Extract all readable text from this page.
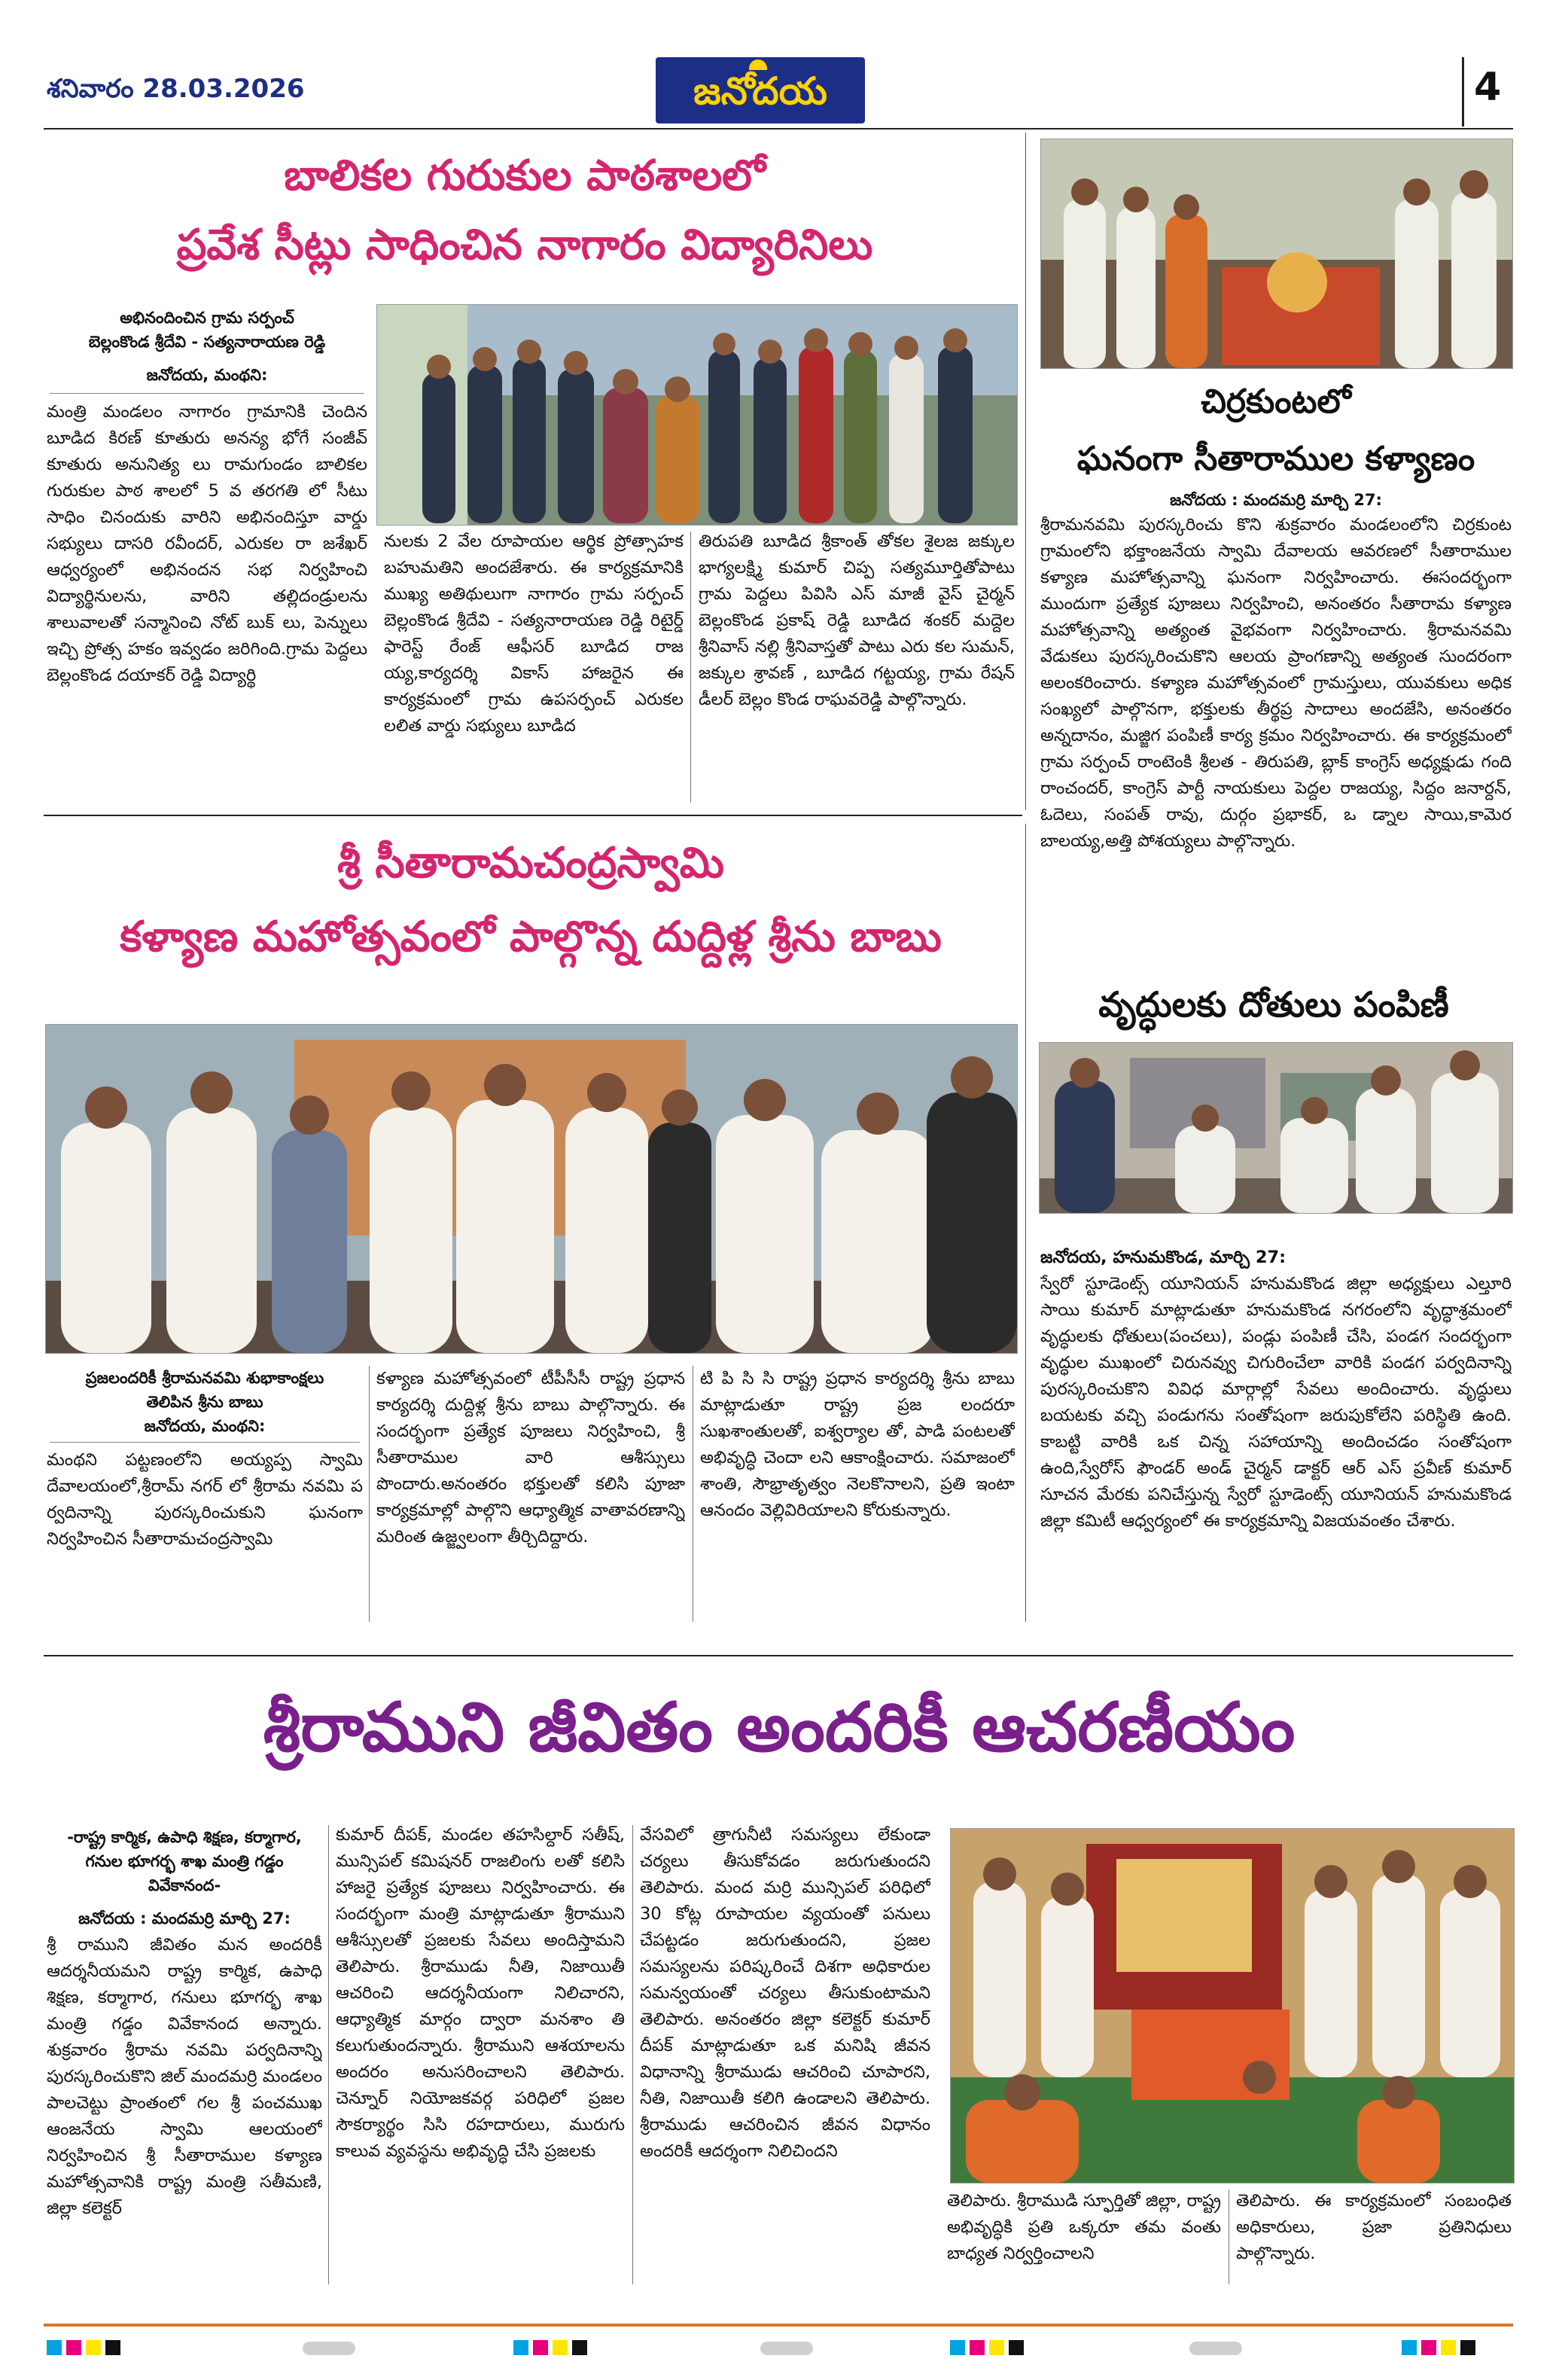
శనివారం 28.03.2026	జనోదయ	4
బాలికల గురుకుల పాఠశాలలో
ప్రవేశ సీట్లు సాధించిన నాగారం విద్యారినిలు
అభినందించిన గ్రామ సర్పంచ్
బెల్లంకొండ శ్రీదేవి - సత్యనారాయణ రెడ్డి
జనోదయ, మంథని:
మంత్రి మండలం నాగారం గ్రామానికి చెందిన బూడిద కిరణ్ కూతురు అనన్య భోగే సంజీవ్ కూతురు అనునిత్య లు రామగుండం బాలికల గురుకుల పాఠ శాలలో 5 వ తరగతి లో సీటు సాధిం చినందుకు వారిని అభినందిస్తూ వార్డు సభ్యులు దాసరి రవీందర్, ఎరుకల రా జశేఖర్ ఆధ్వర్యంలో అభినందన సభ నిర్వహించి విద్యార్థినులను, వారిని తల్లిదండ్రులను శాలువాలతో సన్మానించి నోట్ బుక్ లు, పెన్నులు ఇచ్చి ప్రోత్స హకం ఇవ్వడం జరిగింది.గ్రామ పెద్దలు బెల్లంకొండ దయాకర్ రెడ్డి విద్యార్థి
నులకు 2 వేల రూపాయల ఆర్థిక ప్రోత్సాహక బహుమతిని అందజేశారు. ఈ కార్యక్రమానికి ముఖ్య అతిథులుగా నాగారం గ్రామ సర్పంచ్ బెల్లంకొండ శ్రీదేవి - సత్యనారాయణ రెడ్డి రిటైర్డ్ ఫారెస్ట్ రేంజ్ ఆఫీసర్ బూడిద రాజ య్య,కార్యదర్శి వికాస్ హాజరైన ఈ కార్యక్రమంలో గ్రామ ఉపసర్పంచ్ ఎరుకల లలిత వార్డు సభ్యులు బూడిద
తిరుపతి బూడిద శ్రీకాంత్ తోకల శైలజ జక్కుల భాగ్యలక్ష్మి కుమార్ చిప్ప సత్యమూర్తితోపాటు గ్రామ పెద్దలు పివిసి ఎస్ మాజీ వైస్ చైర్మన్ బెల్లంకొండ ప్రకాష్ రెడ్డి బూడిద శంకర్ మద్దెల శ్రీనివాస్ నల్లి శ్రీనివాస్తతో పాటు ఎరు కల సుమన్, జక్కుల శ్రావణ్ , బూడిద గట్టయ్య, గ్రామ రేషన్ డీలర్ బెల్లం కొండ రాఘవరెడ్డి పాల్గొన్నారు.
చిర్రకుంటలో
ఘనంగా సీతారాముల కళ్యాణం
జనోదయ : మందమర్రి మార్చి 27:
శ్రీరామనవమి పురస్కరించు కొని శుక్రవారం మండలంలోని చిర్రకుంట గ్రామంలోని భక్తాంజనేయ స్వామి దేవాలయ ఆవరణలో సీతారాముల కళ్యాణ మహోత్సవాన్ని ఘనంగా నిర్వహించారు. ఈసందర్భంగా ముందుగా ప్రత్యేక పూజలు నిర్వహించి, అనంతరం సీతారామ కళ్యాణ మహోత్సవాన్ని అత్యంత వైభవంగా నిర్వహించారు. శ్రీరామనవమి వేడుకలు పురస్కరించుకొని ఆలయ ప్రాంగణాన్ని అత్యంత సుందరంగా అలంకరించారు. కళ్యాణ మహోత్సవంలో గ్రామస్తులు, యువకులు అధిక సంఖ్యలో పాల్గొనగా, భక్తులకు తీర్థప్ర సాదాలు అందజేసి, అనంతరం అన్నదానం, మజ్జిగ పంపిణీ కార్య క్రమం నిర్వహించారు. ఈ కార్యక్రమంలో గ్రామ సర్పంచ్ రాంటెంకి శ్రీలత - తిరుపతి, బ్లాక్ కాంగ్రెస్ అధ్యక్షుడు గంది రాంచందర్, కాంగ్రెస్ పార్టీ నాయకులు పెద్దల రాజయ్య, సిద్దం జనార్దన్, ఓదెలు, సంపత్ రావు, దుర్గం ప్రభాకర్, ఒ డ్నాల సాయి,కామెర బాలయ్య,అత్తి పోశయ్యలు పాల్గొన్నారు.
శ్రీ సీతారామచంద్రస్వామి
కళ్యాణ మహోత్సవంలో పాల్గొన్న దుద్దిళ్ల శ్రీను బాబు
ప్రజలందరికీ శ్రీరామనవమి శుభాకాంక్షలు
తెలిపిన శ్రీను బాబు
జనోదయ, మంథని:
మంథని పట్టణంలోని అయ్యప్ప స్వామి దేవాలయంలో,శ్రీరామ్ నగర్ లో శ్రీరామ నవమి ప ర్వదినాన్ని పురస్కరించుకుని ఘనంగా నిర్వహించిన సీతారామచంద్రస్వామి
కళ్యాణ మహోత్సవంలో టీపీసీసీ రాష్ట్ర ప్రధాన కార్యదర్శి దుద్దిళ్ల శ్రీను బాబు పాల్గొన్నారు. ఈ సందర్భంగా ప్రత్యేక పూజలు నిర్వహించి, శ్రీ సీతారాముల వారి ఆశీస్సులు పొందారు.అనంతరం భక్తులతో కలిసి పూజా కార్యక్రమాల్లో పాల్గొని ఆధ్యాత్మిక వాతావరణాన్ని మరింత ఉజ్జ్వలంగా తీర్చిదిద్దారు.
టి పి సి సి రాష్ట్ర ప్రధాన కార్యదర్శి శ్రీను బాబు మాట్లాడుతూ రాష్ట్ర ప్రజ లందరూ సుఖశాంతులతో, ఐశ్వర్యాల తో, పాడి పంటలతో అభివృద్ధి చెందా లని ఆకాంక్షించారు. సమాజంలో శాంతి, సౌభ్రాతృత్వం నెలకొనాలని, ప్రతి ఇంటా ఆనందం వెల్లివిరియాలని కోరుకున్నారు.
వృద్ధులకు దోతులు పంపిణీ

జనోదయ, హనుమకొండ, మార్చి 27:
స్వేరో స్టూడెంట్స్ యూనియన్ హనుమకొండ జిల్లా అధ్యక్షులు ఎల్తూరి సాయి కుమార్ మాట్లాడుతూ హనుమకొండ నగరంలోని వృద్ధాశ్రమంలో వృద్ధులకు ధోతులు(పంచలు), పండ్లు పంపిణీ చేసి, పండగ సందర్భంగా వృద్ధుల ముఖంలో చిరునవ్వు చిగురించేలా వారికి పండగ పర్వదినాన్ని పురస్కరించుకొని వివిధ మార్గాల్లో సేవలు అందించారు. వృద్ధులు బయటకు వచ్చి పండుగను సంతోషంగా జరుపుకోలేని పరిస్థితి ఉంది. కాబట్టి వారికి ఒక చిన్న సహాయాన్ని అందించడం సంతోషంగా ఉంది,స్వేరోస్ ఫౌండర్ అండ్ చైర్మన్ డాక్టర్ ఆర్ ఎస్ ప్రవీణ్ కుమార్ సూచన మేరకు పనిచేస్తున్న స్వేరో స్టూడెంట్స్ యూనియన్ హనుమకొండ జిల్లా కమిటీ ఆధ్వర్యంలో ఈ కార్యక్రమాన్ని విజయవంతం చేశారు.

శ్రీరాముని జీవితం అందరికీ ఆచరణీయం
-రాష్ట్ర కార్మిక, ఉపాధి శిక్షణ, కర్మాగార, గనుల భూగర్భ శాఖ మంత్రి గడ్డం వివేకానంద-
జనోదయ : మందమర్రి మార్చి 27:
శ్రీ రాముని జీవితం మన అందరికీ ఆదర్శనీయమని రాష్ట్ర కార్మిక, ఉపాధి శిక్షణ, కర్మాగార, గనులు భూగర్భ శాఖ మంత్రి గడ్డం వివేకానంద అన్నారు. శుక్రవారం శ్రీరామ నవమి పర్వదినాన్ని పురస్కరించుకొని జిల్ మందమర్రి మండలం పాలచెట్టు ప్రాంతంలో గల శ్రీ పంచముఖ ఆంజనేయ స్వామి ఆలయంలో నిర్వహించిన శ్రీ సీతారాముల కళ్యాణ మహోత్సవానికి రాష్ట్ర మంత్రి సతీమణి, జిల్లా కలెక్టర్
కుమార్ దీపక్, మండల తహసిల్దార్ సతీష్, మున్సిపల్ కమిషనర్ రాజలింగు లతో కలిసి హాజరై ప్రత్యేక పూజలు నిర్వహించారు. ఈ సందర్భంగా మంత్రి మాట్లాడుతూ శ్రీరాముని ఆశీస్సులతో ప్రజలకు సేవలు అందిస్తామని తెలిపారు. శ్రీరాముడు నీతి, నిజాయితీ ఆచరించి ఆదర్శనీయంగా నిలిచారని, ఆధ్యాత్మిక మార్గం ద్వారా మనశాం తి కలుగుతుందన్నారు. శ్రీరాముని ఆశయాలను అందరం అనుసరించాలని తెలిపారు. చెన్నూర్ నియోజకవర్గ పరిధిలో ప్రజల సౌకర్యార్థం సిసి రహదారులు, మురుగు కాలువ వ్యవస్థను అభివృద్ధి చేసి ప్రజలకు
వేసవిలో త్రాగునీటి సమస్యలు లేకుండా చర్యలు తీసుకోవడం జరుగుతుందని తెలిపారు. మంద మర్రి మున్సిపల్ పరిధిలో 30 కోట్ల రూపాయల వ్యయంతో పనులు చేపట్టడం జరుగుతుందని, ప్రజల సమస్యలను పరిష్కరించే దిశగా అధికారుల సమన్వయంతో చర్యలు తీసుకుంటామని తెలిపారు. అనంతరం జిల్లా కలెక్టర్ కుమార్ దీపక్ మాట్లాడుతూ ఒక మనిషి జీవన విధానాన్ని శ్రీరాముడు ఆచరించి చూపారని, నీతి, నిజాయితీ కలిగి ఉండాలని తెలిపారు. శ్రీరాముడు ఆచరించిన జీవన విధానం అందరికీ ఆదర్శంగా నిలిచిందని
తెలిపారు. శ్రీరాముడి స్ఫూర్తితో జిల్లా, రాష్ట్ర అభివృద్ధికి ప్రతి ఒక్కరూ తమ వంతు బాధ్యత నిర్వర్తించాలని
తెలిపారు. ఈ కార్యక్రమంలో సంబంధిత అధికారులు, ప్రజా ప్రతినిధులు పాల్గొన్నారు.
